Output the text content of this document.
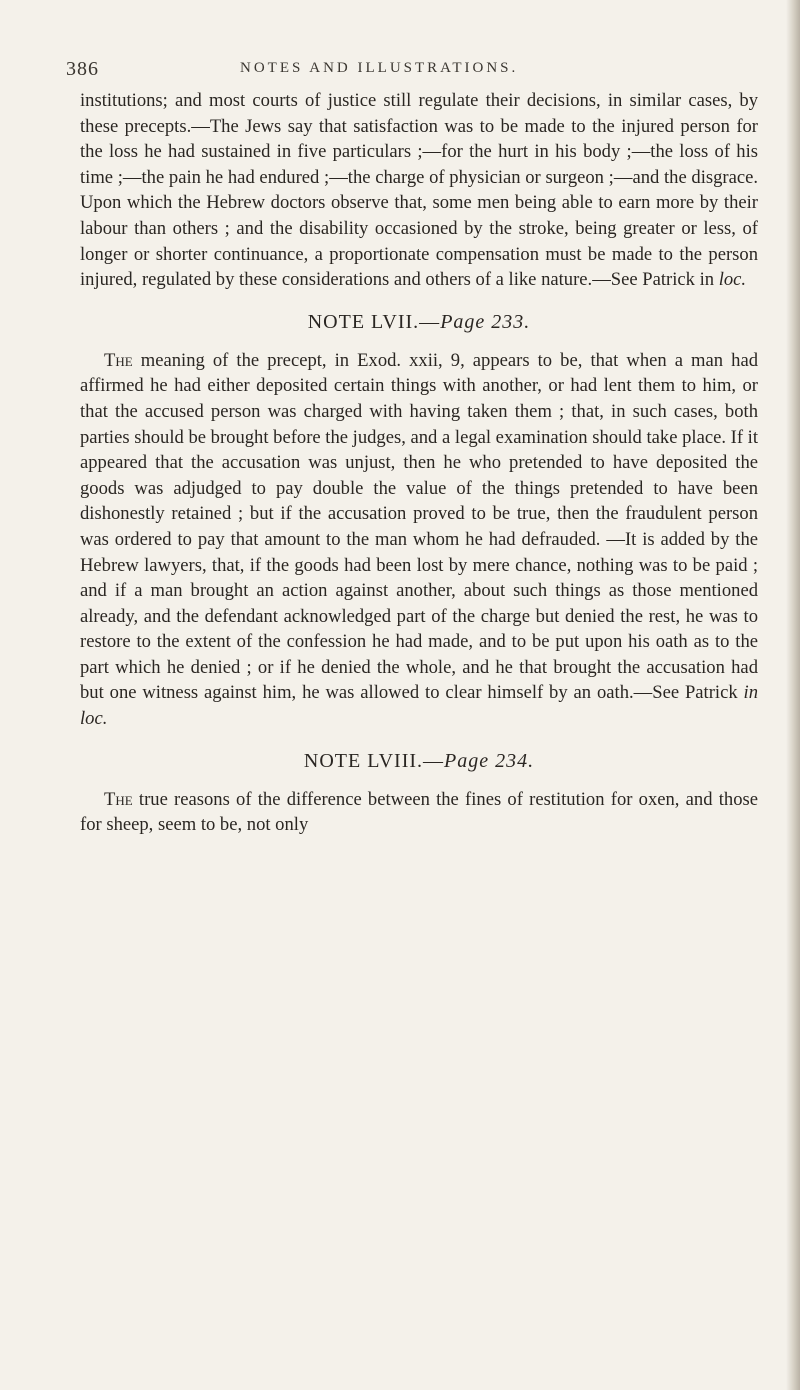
386	NOTES AND ILLUSTRATIONS.

institutions; and most courts of justice still regulate their decisions, in similar cases, by these precepts.—The Jews say that satisfaction was to be made to the injured person for the loss he had sustained in five particulars ;—for the hurt in his body ;—the loss of his time ;—the pain he had endured ;—the charge of physician or surgeon ;—and the disgrace. Upon which the Hebrew doctors observe that, some men being able to earn more by their labour than others ; and the disability occasioned by the stroke, being greater or less, of longer or shorter continuance, a proportionate compensation must be made to the person injured, regulated by these considerations and others of a like nature.—See Patrick in loc.

NOTE LVII.—Page 233.

The meaning of the precept, in Exod. xxii, 9, appears to be, that when a man had affirmed he had either deposited certain things with another, or had lent them to him, or that the accused person was charged with having taken them ; that, in such cases, both parties should be brought before the judges, and a legal examination should take place. If it appeared that the accusation was unjust, then he who pretended to have deposited the goods was adjudged to pay double the value of the things pretended to have been dishonestly retained ; but if the accusation proved to be true, then the fraudulent person was ordered to pay that amount to the man whom he had defrauded. —It is added by the Hebrew lawyers, that, if the goods had been lost by mere chance, nothing was to be paid ; and if a man brought an action against another, about such things as those mentioned already, and the defendant acknowledged part of the charge but denied the rest, he was to restore to the extent of the confession he had made, and to be put upon his oath as to the part which he denied ; or if he denied the whole, and he that brought the accusation had but one witness against him, he was allowed to clear himself by an oath.—See Patrick in loc.

NOTE LVIII.—Page 234.

The true reasons of the difference between the fines of restitution for oxen, and those for sheep, seem to be, not only
